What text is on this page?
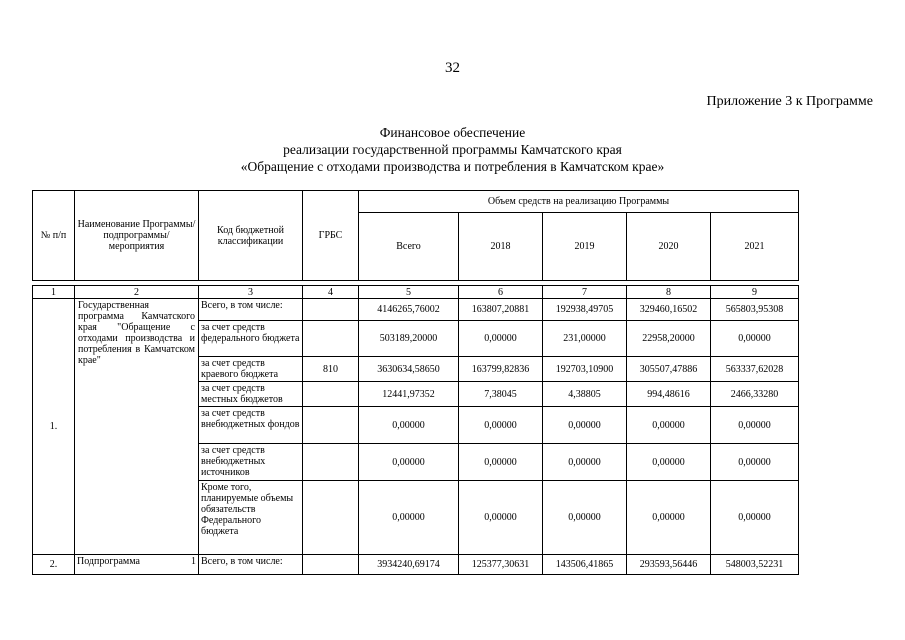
32
Приложение 3 к Программе
Финансовое обеспечение
реализации государственной программы Камчатского края
«Обращение с отходами производства и потребления в Камчатском крае»
№ п/п	Наименование Программы/ подпрограммы/ мероприятия	Код бюджетной классификации	ГРБС	Объем средств на реализацию Программы				
				Всего	2018	2019	2020	2021

1	2	3	4	5	6	7	8	9
1.	Государственная программа Камчатского края "Обращение с отходами производства и потребления в Камчатском крае"	Всего, в том числе:		4146265,76002	163807,20881	192938,49705	329460,16502	565803,95308
		за счет средств федерального бюджета		503189,20000	0,00000	231,00000	22958,20000	0,00000
		за счет средств краевого бюджета	810	3630634,58650	163799,82836	192703,10900	305507,47886	563337,62028
		за счет средств местных бюджетов		12441,97352	7,38045	4,38805	994,48616	2466,33280
		за счет средств внебюджетных фондов		0,00000	0,00000	0,00000	0,00000	0,00000
		за счет средств внебюджетных источников		0,00000	0,00000	0,00000	0,00000	0,00000
		Кроме того, планируемые объемы обязательств Федерального бюджета		0,00000	0,00000	0,00000	0,00000	0,00000
2.	Подпрограмма 1	Всего, в том числе:		3934240,69174	125377,30631	143506,41865	293593,56446	548003,52231
